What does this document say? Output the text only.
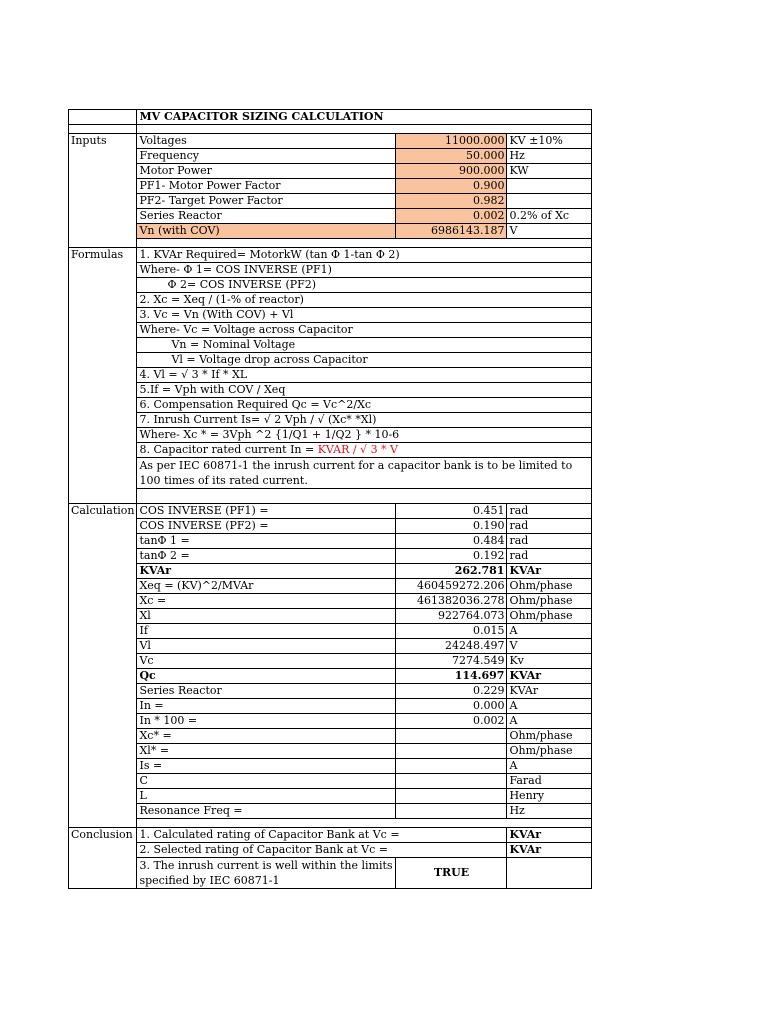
	MV CAPACITOR SIZING CALCULATION		

Inputs	Voltages	11000.000	KV ±10%
	Frequency	50.000	Hz
	Motor Power	900.000	KW
	PF1- Motor Power Factor	0.900	
	PF2- Target Power Factor	0.982	
	Series Reactor	0.002	0.2% of Xc
	Vn (with COV)	6986143.187	V

Formulas	1. KVAr Required= MotorkW (tan Φ 1-tan Φ 2)		
	Where- Φ 1= COS INVERSE (PF1)		
	Φ 2= COS INVERSE (PF2)		
	2. Xc = Xeq / (1-% of reactor)		
	3. Vc = Vn (With COV) + Vl		
	Where- Vc = Voltage across Capacitor		
	Vn = Nominal Voltage		
	Vl = Voltage drop across Capacitor		
	4. Vl = √ 3 * If * XL		
	5.If = Vph with COV / Xeq		
	6. Compensation Required Qc = Vc^2/Xc		
	7. Inrush Current Is= √ 2 Vph / √ (Xc* *Xl)		
	Where- Xc * = 3Vph ^2 {1/Q1 + 1/Q2 } * 10-6		
	8. Capacitor rated current In = KVAR / √ 3 * V		
	As per IEC 60871-1 the inrush current for a capacitor bank is to be limited to 100 times of its rated current.		

Calculation	COS INVERSE (PF1) =	0.451	rad
	COS INVERSE (PF2) =	0.190	rad
	tanΦ 1 =	0.484	rad
	tanΦ 2 =	0.192	rad
	KVAr	262.781	KVAr
	Xeq = (KV)^2/MVAr	460459272.206	Ohm/phase
	Xc =	461382036.278	Ohm/phase
	Xl	922764.073	Ohm/phase
	If	0.015	A
	Vl	24248.497	V
	Vc	7274.549	Kv
	Qc	114.697	KVAr
	Series Reactor	0.229	KVAr
	In =	0.000	A
	In * 100 =	0.002	A
	Xc* =		Ohm/phase
	Xl* =		Ohm/phase
	Is =		A
	C		Farad
	L		Henry
	Resonance Freq =		Hz

Conclusion	1. Calculated rating of Capacitor Bank at Vc =		KVAr
	2. Selected rating of Capacitor Bank at Vc =		KVAr
	3. The inrush current is well within the limits specified by IEC 60871-1	TRUE	
